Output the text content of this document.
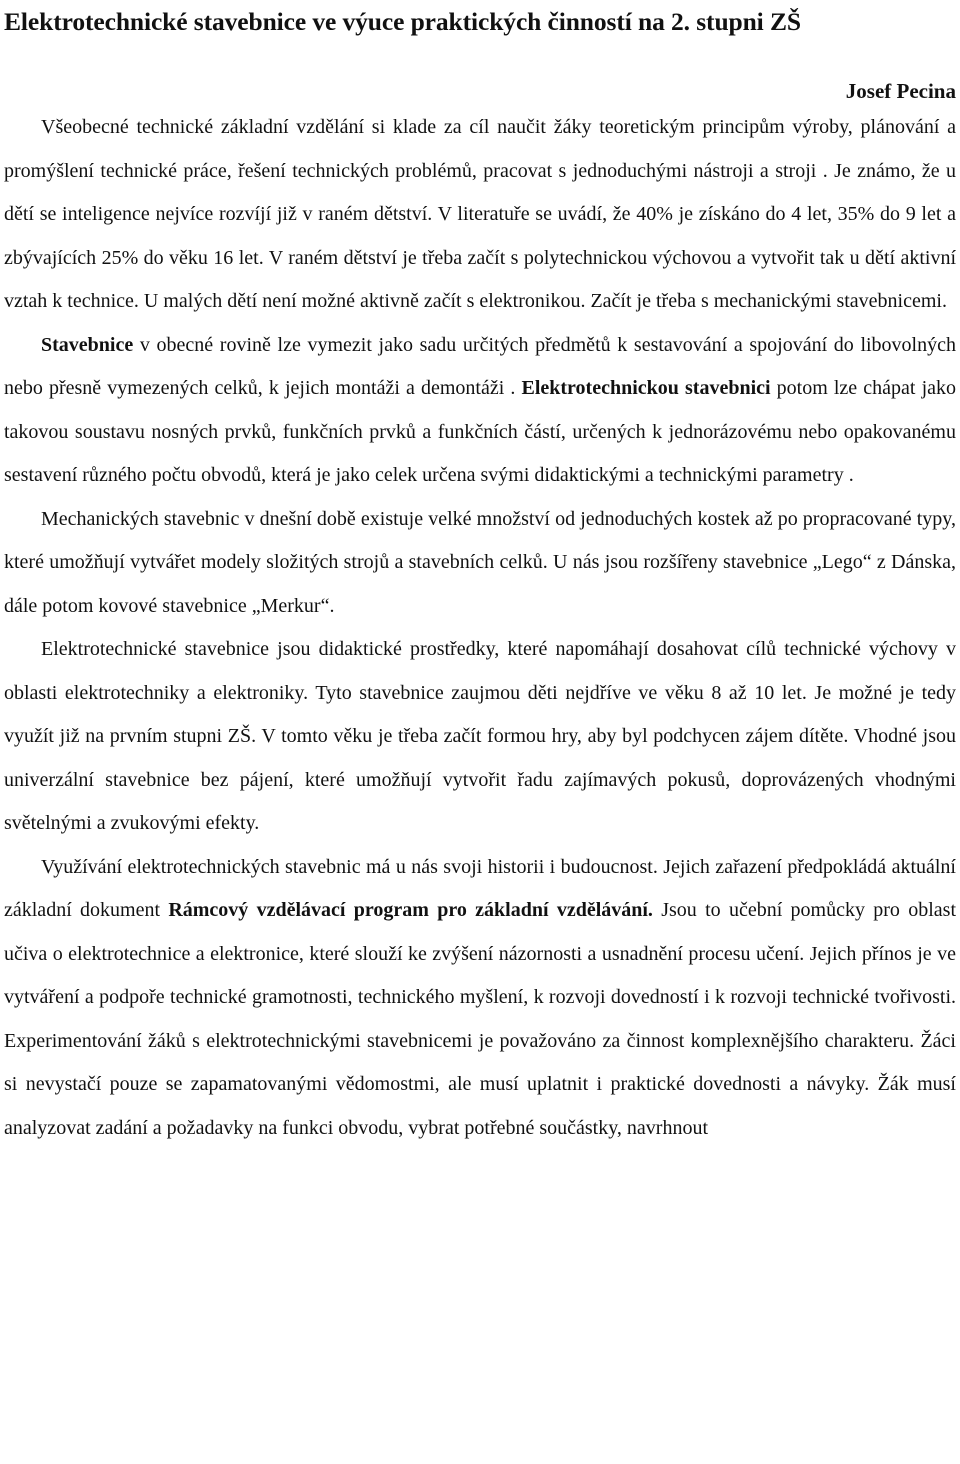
Elektrotechnické stavebnice ve výuce praktických činností na 2. stupni ZŠ
Josef Pecina

Všeobecné technické základní vzdělání si klade za cíl naučit žáky teoretickým principům výroby, plánování a promýšlení technické práce, řešení technických problémů, pracovat s jednoduchými nástroji a stroji . Je známo, že u dětí se inteligence nejvíce rozvíjí již v raném dětství. V literatuře se uvádí, že 40% je získáno do 4 let, 35% do 9 let a zbývajících 25% do věku 16 let. V raném dětství je třeba začít s polytechnickou výchovou a vytvořit tak u dětí aktivní vztah k technice. U malých dětí není možné aktivně začít s elektronikou. Začít je třeba s mechanickými stavebnicemi.

Stavebnice v obecné rovině lze vymezit jako sadu určitých předmětů k sestavování a spojování do libovolných nebo přesně vymezených celků, k jejich montáži a demontáži . Elektrotechnickou stavebnici potom lze chápat jako takovou soustavu nosných prvků, funkčních prvků a funkčních částí, určených k jednorázovému nebo opakovanému sestavení různého počtu obvodů, která je jako celek určena svými didaktickými a technickými parametry .

Mechanických stavebnic v dnešní době existuje velké množství od jednoduchých kostek až po propracované typy, které umožňují vytvářet modely složitých strojů a stavebních celků. U nás jsou rozšířeny stavebnice „Lego“ z Dánska, dále potom kovové stavebnice „Merkur“.

Elektrotechnické stavebnice jsou didaktické prostředky, které napomáhají dosahovat cílů technické výchovy v oblasti elektrotechniky a elektroniky. Tyto stavebnice zaujmou děti nejdříve ve věku 8 až 10 let. Je možné je tedy využít již na prvním stupni ZŠ. V tomto věku je třeba začít formou hry, aby byl podchycen zájem dítěte. Vhodné jsou univerzální stavebnice bez pájení, které umožňují vytvořit řadu zajímavých pokusů, doprovázených vhodnými světelnými a zvukovými efekty.

Využívání elektrotechnických stavebnic má u nás svoji historii i budoucnost. Jejich zařazení předpokládá aktuální základní dokument Rámcový vzdělávací program pro základní vzdělávání. Jsou to učební pomůcky pro oblast učiva o elektrotechnice a elektronice, které slouží ke zvýšení názornosti a usnadnění procesu učení. Jejich přínos je ve vytváření a podpoře technické gramotnosti, technického myšlení, k rozvoji dovedností i k rozvoji technické tvořivosti. Experimentování žáků s elektrotechnickými stavebnicemi je považováno za činnost komplexnějšího charakteru. Žáci si nevystačí pouze se zapamatovanými vědomostmi, ale musí uplatnit i praktické dovednosti a návyky. Žák musí analyzovat zadání a požadavky na funkci obvodu, vybrat potřebné součástky, navrhnout
